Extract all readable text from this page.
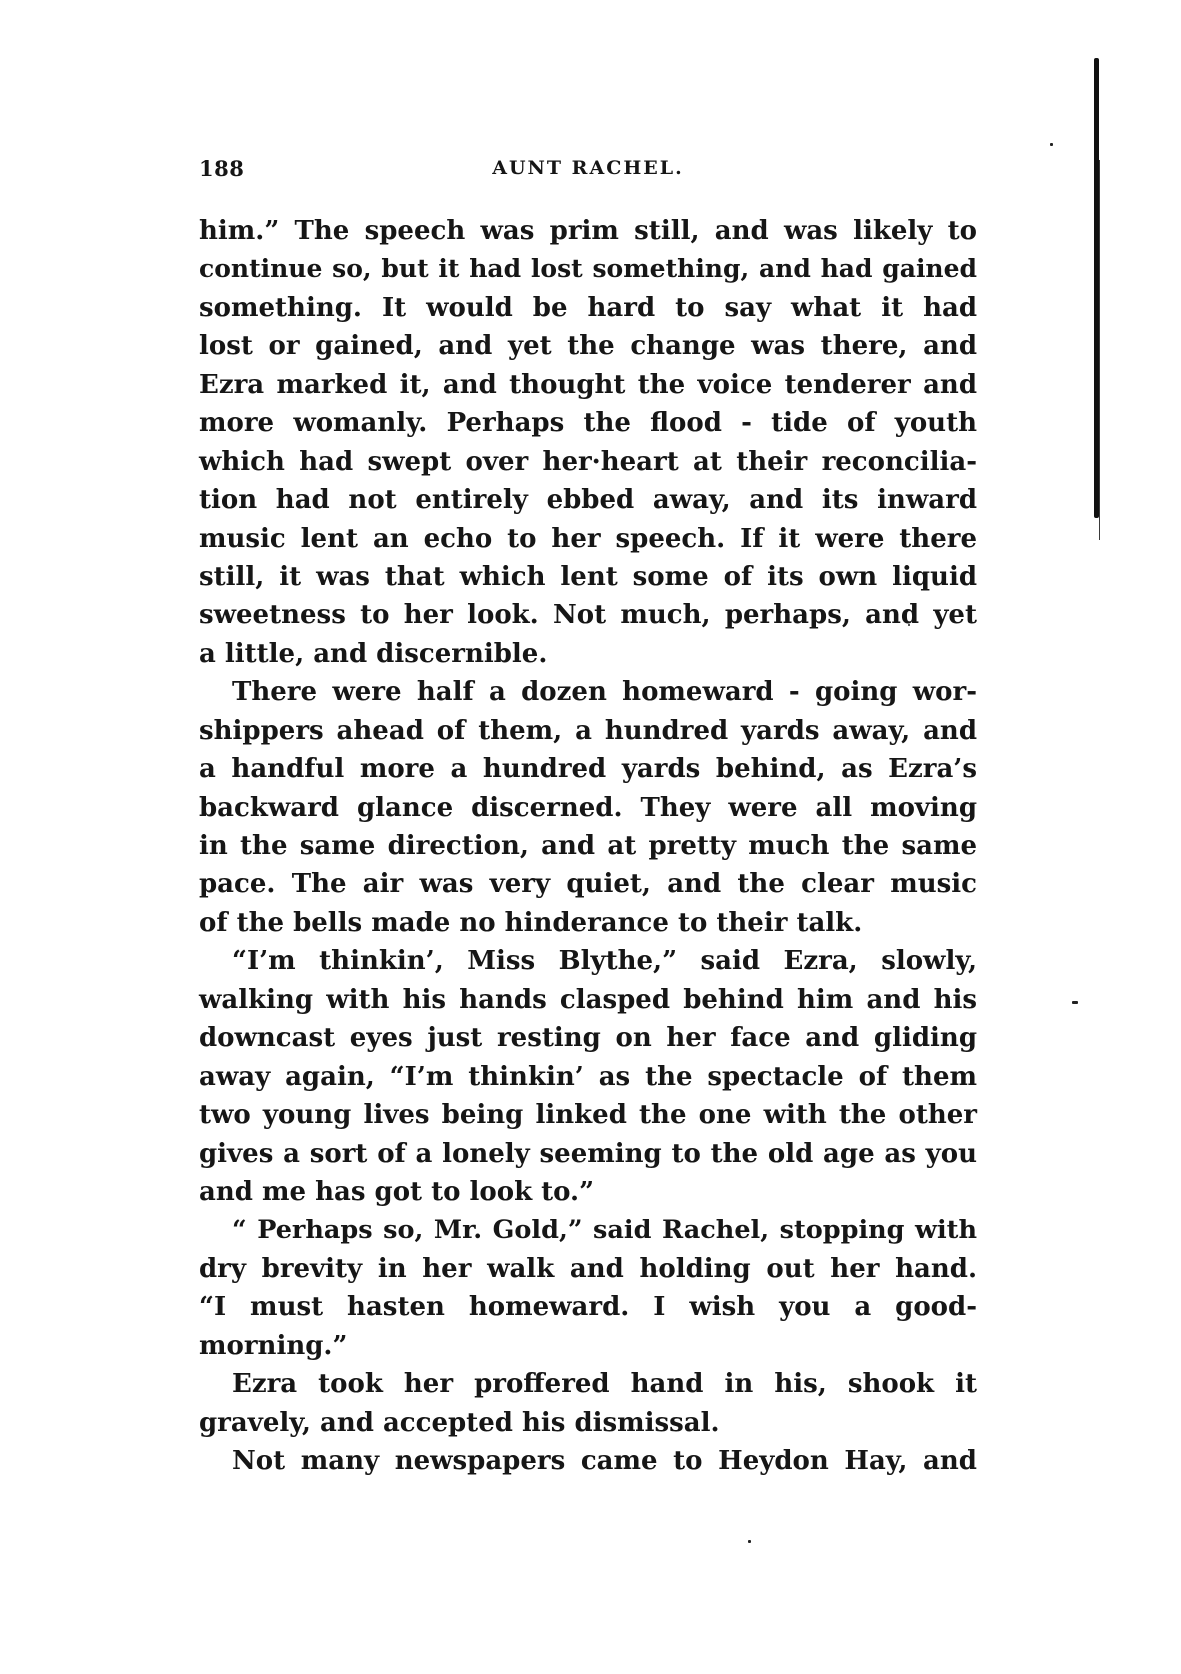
188	AUNT RACHEL.
him.” The speech was prim still, and was likely to
continue so, but it had lost something, and had gained
something. It would be hard to say what it had
lost or gained, and yet the change was there, and
Ezra marked it, and thought the voice tenderer and
more womanly. Perhaps the flood - tide of youth
which had swept over her·heart at their reconcilia-
tion had not entirely ebbed away, and its inward
music lent an echo to her speech. If it were there
still, it was that which lent some of its own liquid
sweetness to her look. Not much, perhaps, and yet
a little, and discernible.
There were half a dozen homeward - going wor-
shippers ahead of them, a hundred yards away, and
a handful more a hundred yards behind, as Ezra’s
backward glance discerned. They were all moving
in the same direction, and at pretty much the same
pace. The air was very quiet, and the clear music
of the bells made no hinderance to their talk.
“I’m thinkin’, Miss Blythe,” said Ezra, slowly,
walking with his hands clasped behind him and his
downcast eyes just resting on her face and gliding
away again, “I’m thinkin’ as the spectacle of them
two young lives being linked the one with the other
gives a sort of a lonely seeming to the old age as you
and me has got to look to.”
“ Perhaps so, Mr. Gold,” said Rachel, stopping with
dry brevity in her walk and holding out her hand.
“I must hasten homeward. I wish you a good-
morning.”
Ezra took her proffered hand in his, shook it
gravely, and accepted his dismissal.
Not many newspapers came to Heydon Hay, and
